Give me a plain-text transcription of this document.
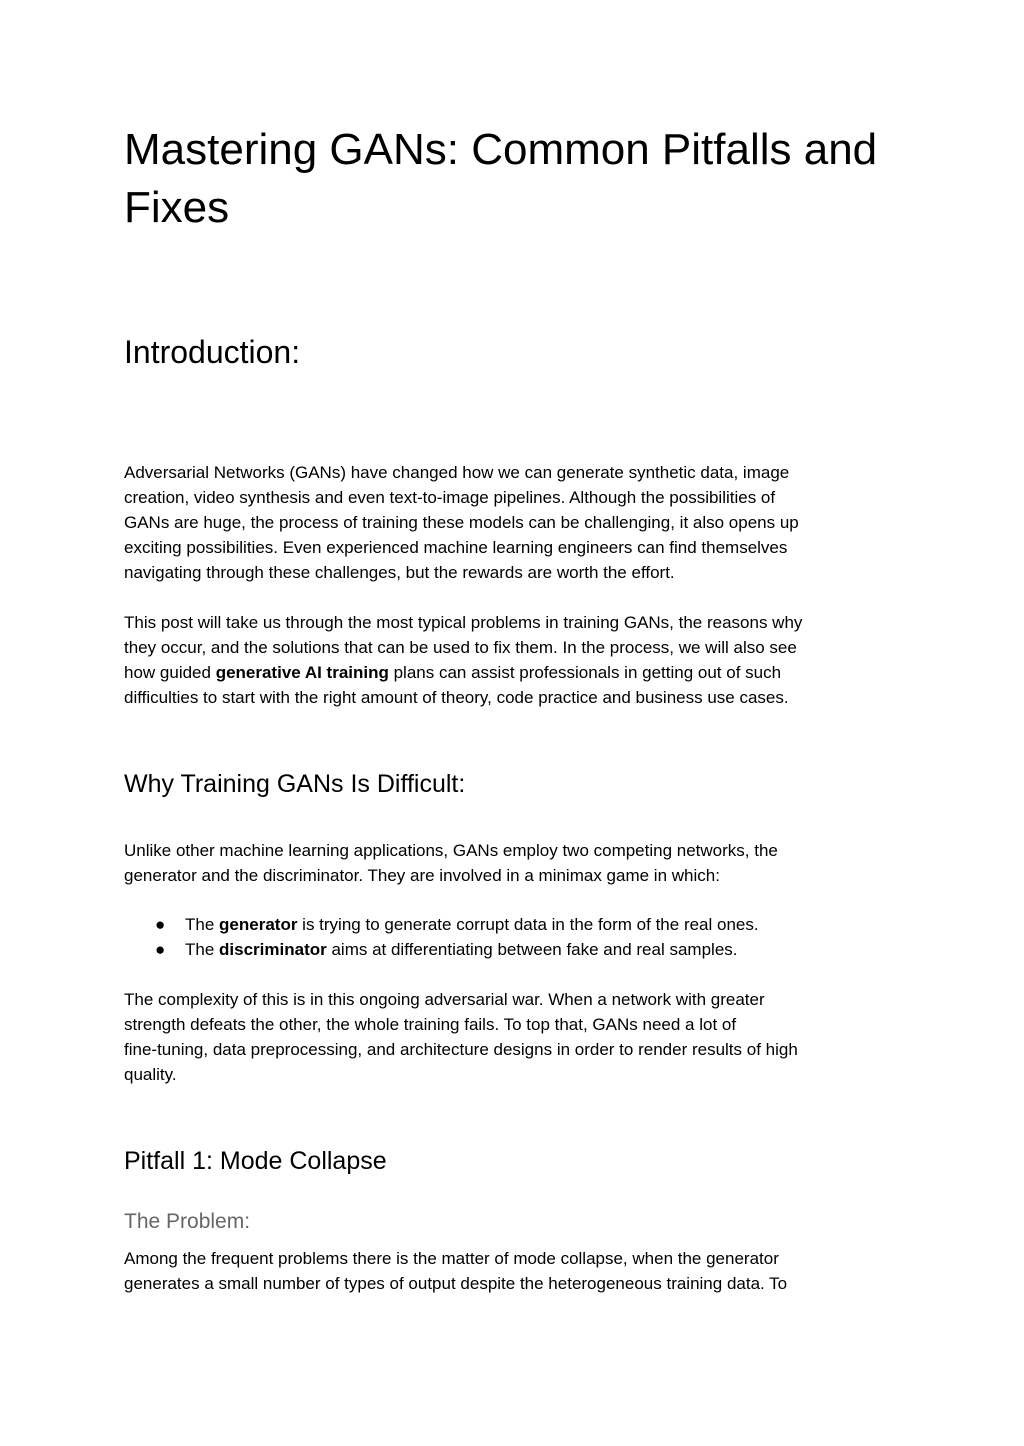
Mastering GANs: Common Pitfalls and
Fixes
Introduction:
Adversarial Networks (GANs) have changed how we can generate synthetic data, image
creation, video synthesis and even text-to-image pipelines. Although the possibilities of
GANs are huge, the process of training these models can be challenging, it also opens up
exciting possibilities. Even experienced machine learning engineers can find themselves
navigating through these challenges, but the rewards are worth the effort.
This post will take us through the most typical problems in training GANs, the reasons why
they occur, and the solutions that can be used to fix them. In the process, we will also see
how guided generative AI training plans can assist professionals in getting out of such
difficulties to start with the right amount of theory, code practice and business use cases.
Why Training GANs Is Difficult:
Unlike other machine learning applications, GANs employ two competing networks, the
generator and the discriminator. They are involved in a minimax game in which:
● The generator is trying to generate corrupt data in the form of the real ones.
● The discriminator aims at differentiating between fake and real samples.
The complexity of this is in this ongoing adversarial war. When a network with greater
strength defeats the other, the whole training fails. To top that, GANs need a lot of
fine-tuning, data preprocessing, and architecture designs in order to render results of high
quality.
Pitfall 1: Mode Collapse
The Problem:
Among the frequent problems there is the matter of mode collapse, when the generator
generates a small number of types of output despite the heterogeneous training data. To
